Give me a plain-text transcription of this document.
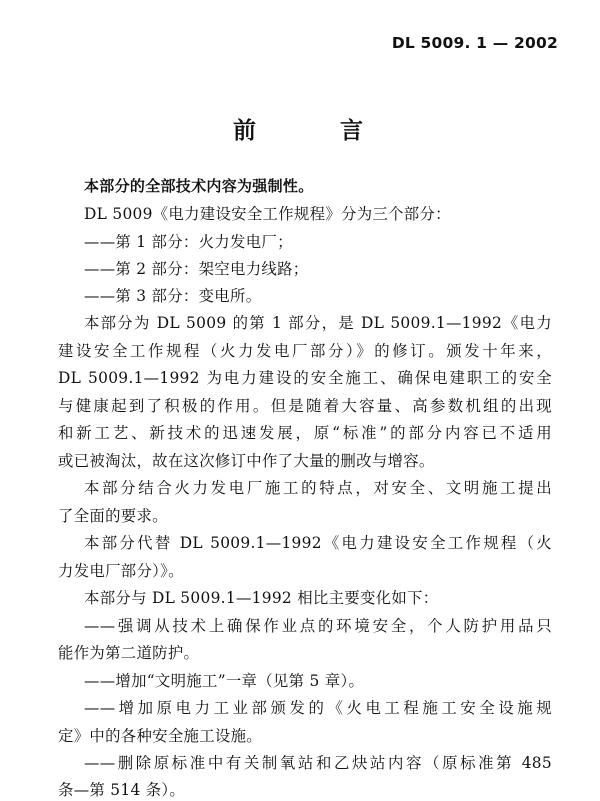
DL 5009. 1 — 2002
前 言
本部分的全部技术内容为强制性。
DL 5009《电力建设安全工作规程》分为三个部分：
——第 1 部分：火力发电厂；
——第 2 部分：架空电力线路；
——第 3 部分：变电所。
本部分为 DL 5009 的第 1 部分，是 DL 5009.1—1992《电力
建设安全工作规程（火力发电厂部分）》的修订。颁发十年来，
DL 5009.1—1992 为电力建设的安全施工、确保电建职工的安全
与健康起到了积极的作用。但是随着大容量、高参数机组的出现
和新工艺、新技术的迅速发展，原“标准”的部分内容已不适用
或已被淘汰，故在这次修订中作了大量的删改与增容。
本部分结合火力发电厂施工的特点，对安全、文明施工提出
了全面的要求。
本部分代替 DL 5009.1—1992《电力建设安全工作规程（火
力发电厂部分）》。
本部分与 DL 5009.1—1992 相比主要变化如下：
——强调从技术上确保作业点的环境安全，个人防护用品只
能作为第二道防护。
——增加“文明施工”一章（见第 5 章）。
——增加原电力工业部颁发的《火电工程施工安全设施规
定》中的各种安全施工设施。
——删除原标准中有关制氧站和乙炔站内容（原标准第 485
条—第 514 条）。
